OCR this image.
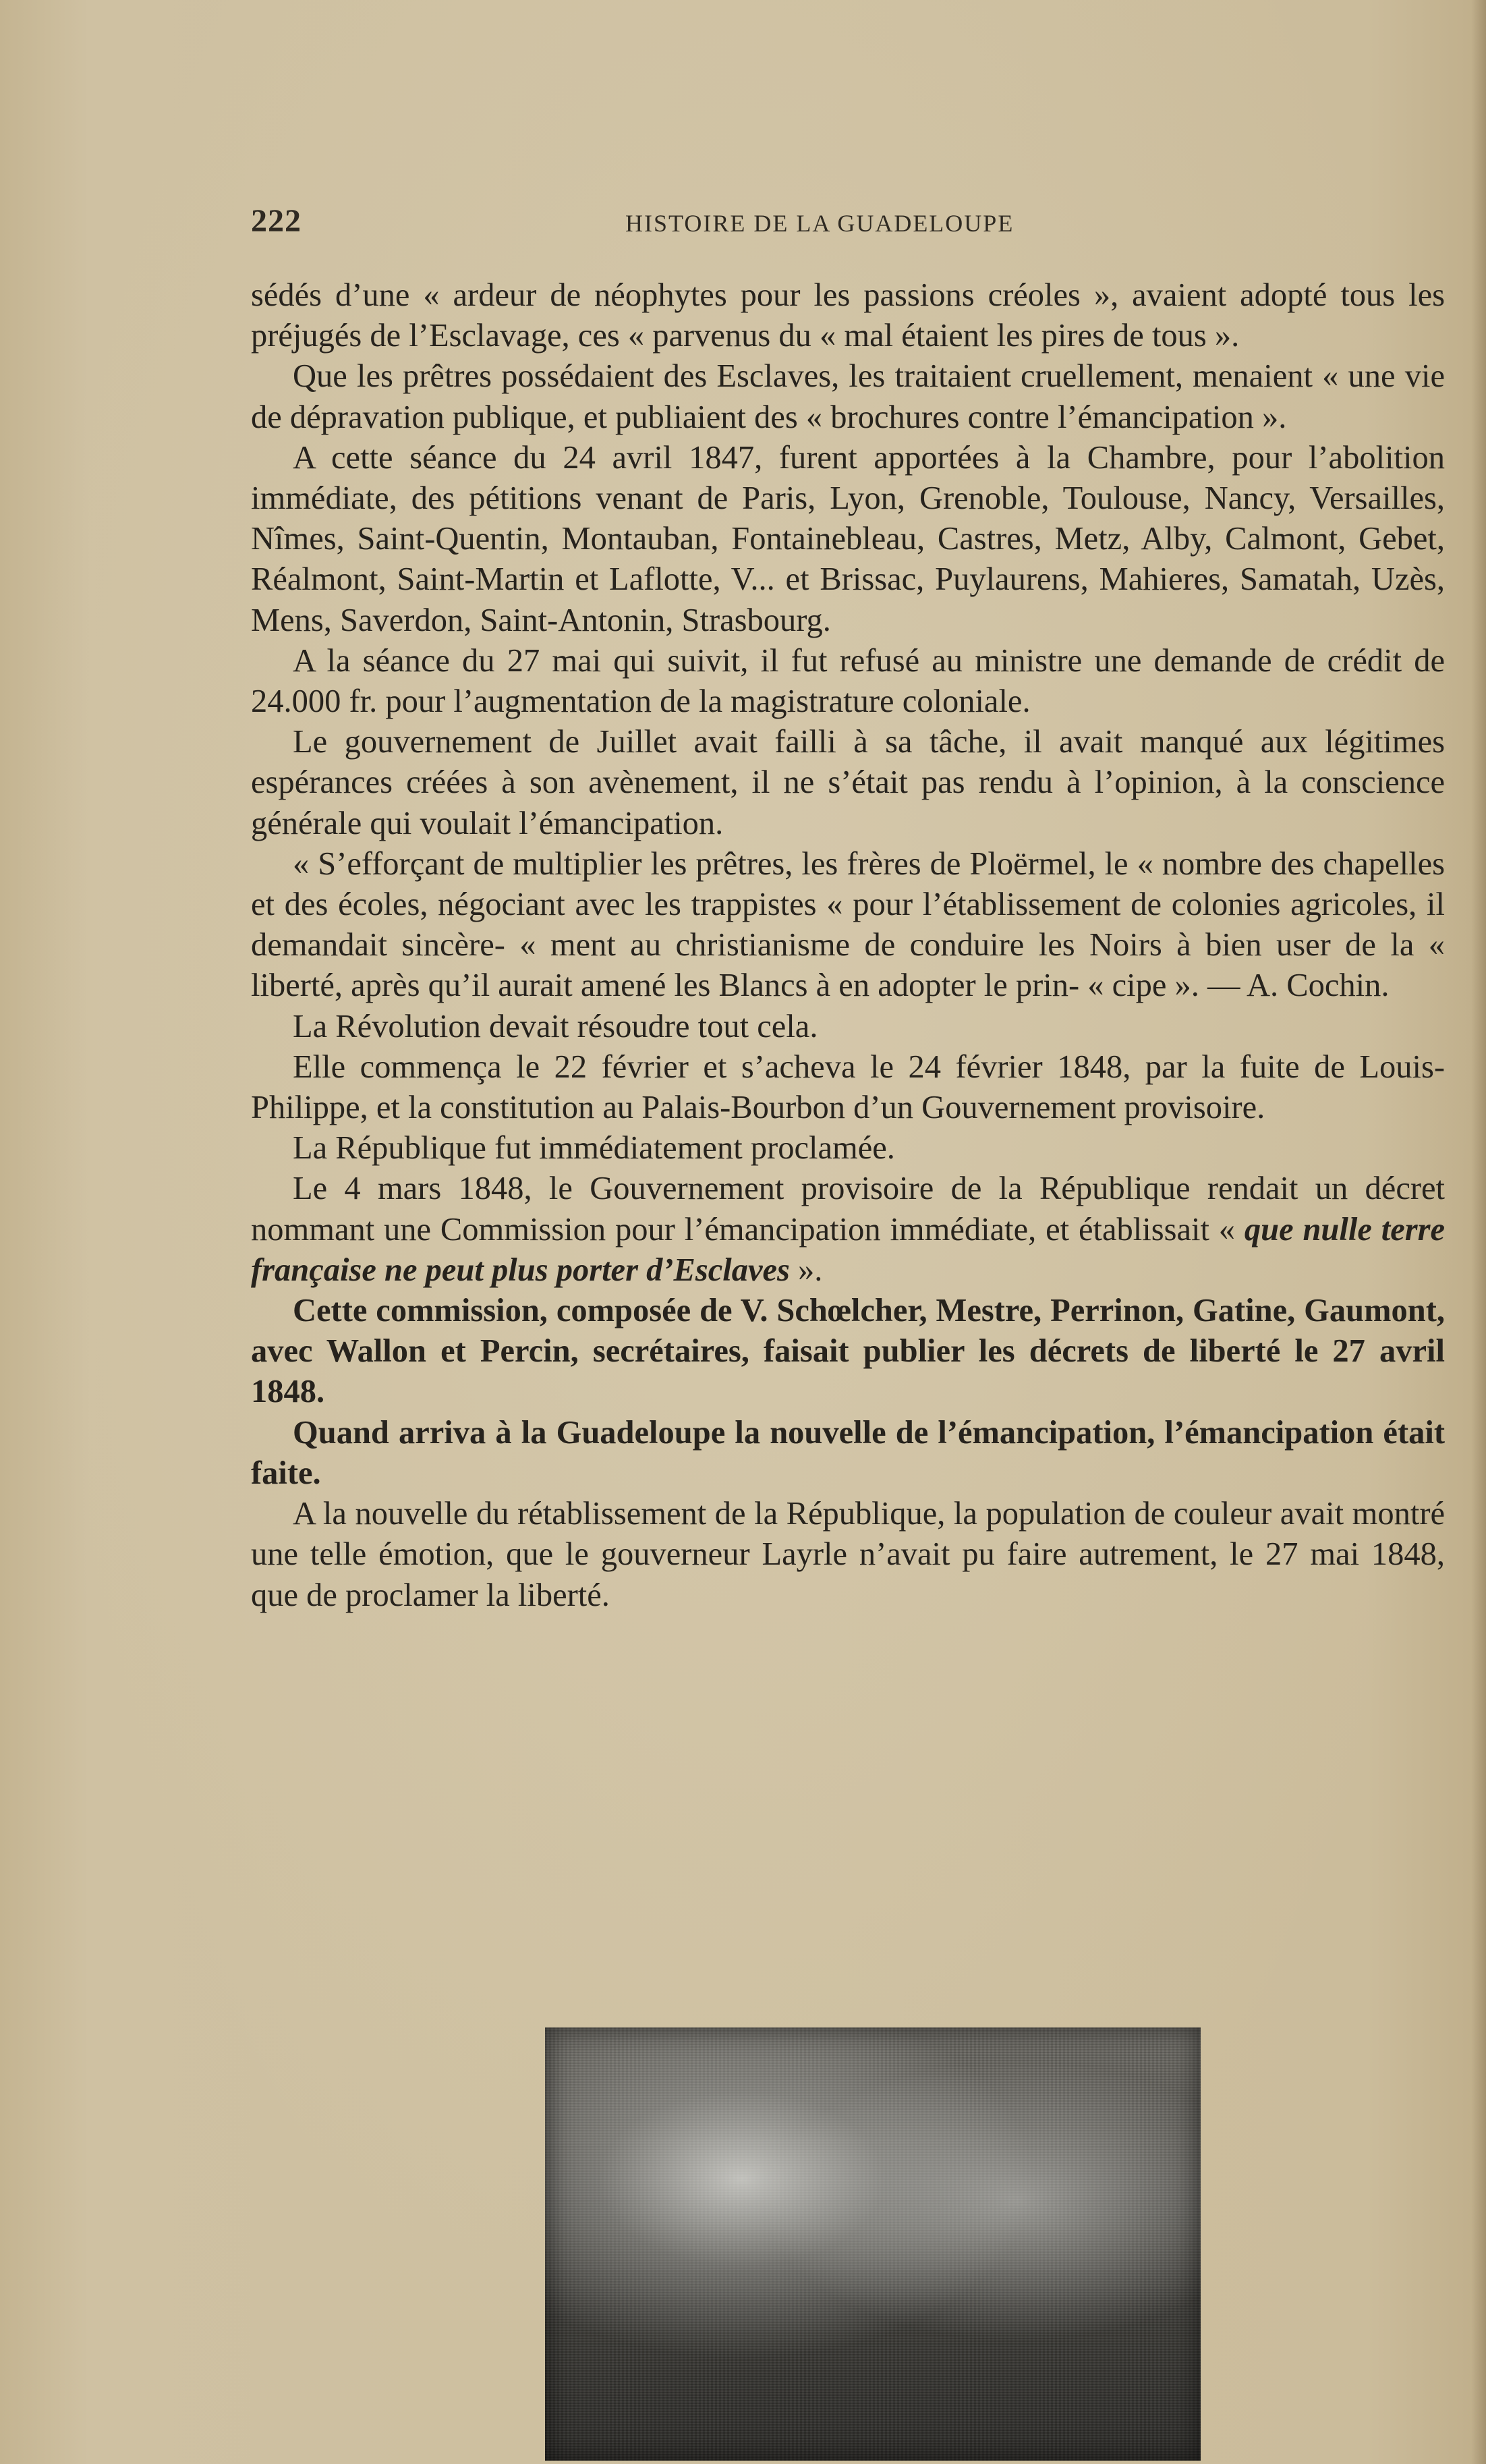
222	HISTOIRE DE LA GUADELOUPE

sédés d’une « ardeur de néophytes pour les passions créoles », avaient adopté tous les préjugés de l’Esclavage, ces « parvenus du « mal étaient les pires de tous ».

Que les prêtres possédaient des Esclaves, les traitaient cruellement, menaient « une vie de dépravation publique, et publiaient des « brochures contre l’émancipation ».

A cette séance du 24 avril 1847, furent apportées à la Chambre, pour l’abolition immédiate, des pétitions venant de Paris, Lyon, Grenoble, Toulouse, Nancy, Versailles, Nîmes, Saint-Quentin, Montauban, Fontainebleau, Castres, Metz, Alby, Calmont, Gebet, Réalmont, Saint-Martin et Laflotte, V... et Brissac, Puylaurens, Mahieres, Samatah, Uzès, Mens, Saverdon, Saint-Antonin, Strasbourg.

A la séance du 27 mai qui suivit, il fut refusé au ministre une demande de crédit de 24.000 fr. pour l’augmentation de la magistrature coloniale.

Le gouvernement de Juillet avait failli à sa tâche, il avait manqué aux légitimes espérances créées à son avènement, il ne s’était pas rendu à l’opinion, à la conscience générale qui voulait l’émancipation.

« S’efforçant de multiplier les prêtres, les frères de Ploërmel, le « nombre des chapelles et des écoles, négociant avec les trappistes « pour l’établissement de colonies agricoles, il demandait sincère- « ment au christianisme de conduire les Noirs à bien user de la « liberté, après qu’il aurait amené les Blancs à en adopter le prin- « cipe ». — A. Cochin.

La Révolution devait résoudre tout cela.

Elle commença le 22 février et s’acheva le 24 février 1848, par la fuite de Louis-Philippe, et la constitution au Palais-Bourbon d’un Gouvernement provisoire.

La République fut immédiatement proclamée.

Le 4 mars 1848, le Gouvernement provisoire de la République rendait un décret nommant une Commission pour l’émancipation immédiate, et établissait « que nulle terre française ne peut plus porter d’Esclaves ».

Cette commission, composée de V. Schœlcher, Mestre, Perrinon, Gatine, Gaumont, avec Wallon et Percin, secrétaires, faisait publier les décrets de liberté le 27 avril 1848.

Quand arriva à la Guadeloupe la nouvelle de l’émancipation, l’émancipation était faite.

A la nouvelle du rétablissement de la République, la population de couleur avait montré une telle émotion, que le gouverneur Layrle n’avait pu faire autrement, le 27 mai 1848, que de proclamer la liberté.
